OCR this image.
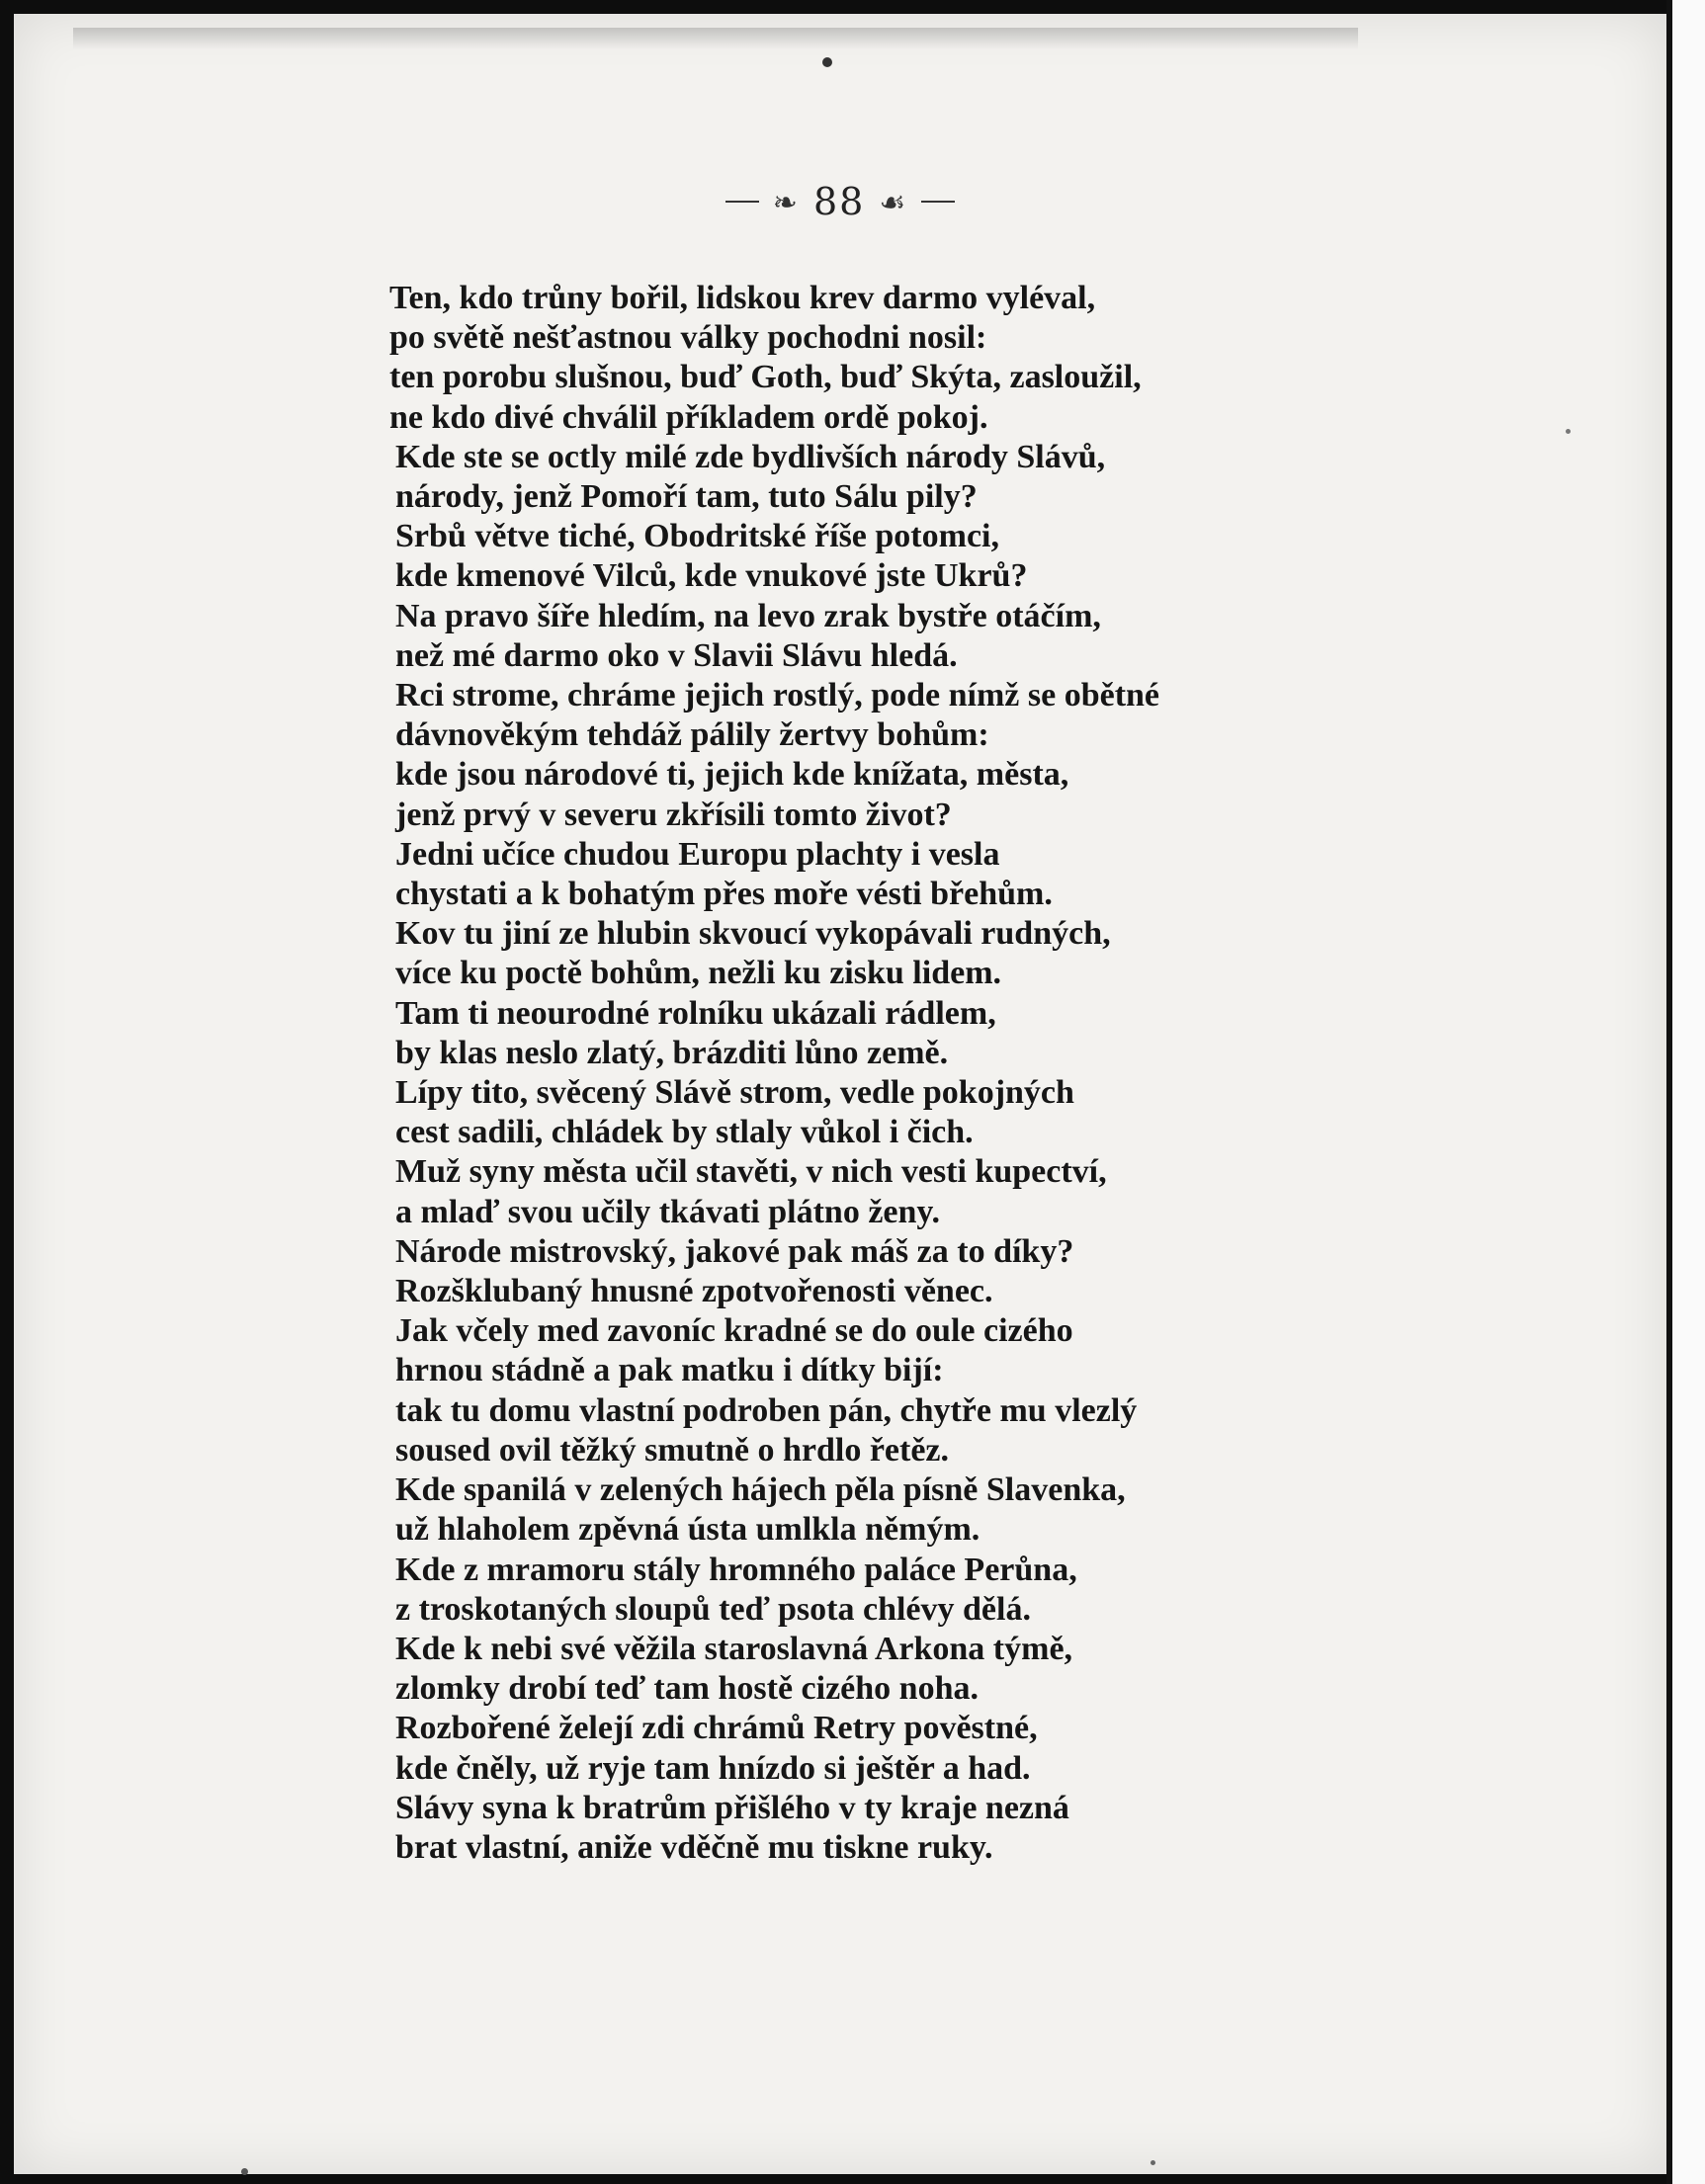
❧ 88 ☙
Ten, kdo trůny bořil, lidskou krev darmo vyléval,
po světě nešťastnou války pochodni nosil:
ten porobu slušnou, buď Goth, buď Skýta, zasloužil,
ne kdo divé chválil příkladem ordě pokoj.
Kde ste se octly milé zde bydlivších národy Slávů,
národy, jenž Pomoří tam, tuto Sálu pily?
Srbů větve tiché, Obodritské říše potomci,
kde kmenové Vilců, kde vnukové jste Ukrů?
Na pravo šíře hledím, na levo zrak bystře otáčím,
než mé darmo oko v Slavii Slávu hledá.
Rci strome, chráme jejich rostlý, pode nímž se obětné
dávnověkým tehdáž pálily žertvy bohům:
kde jsou národové ti, jejich kde knížata, města,
jenž prvý v severu zkřísili tomto život?
Jedni učíce chudou Europu plachty i vesla
chystati a k bohatým přes moře vésti břehům.
Kov tu jiní ze hlubin skvoucí vykopávali rudných,
více ku poctě bohům, nežli ku zisku lidem.
Tam ti neourodné rolníku ukázali rádlem,
by klas neslo zlatý, brázditi lůno země.
Lípy tito, svěcený Slávě strom, vedle pokojných
cest sadili, chládek by stlaly vůkol i čich.
Muž syny města učil stavěti, v nich vesti kupectví,
a mlaď svou učily tkávati plátno ženy.
Národe mistrovský, jakové pak máš za to díky?
Rozšklubaný hnusné zpotvořenosti věnec.
Jak včely med zavoníc kradné se do oule cizého
hrnou stádně a pak matku i dítky bijí:
tak tu domu vlastní podroben pán, chytře mu vlezlý
soused ovil těžký smutně o hrdlo řetěz.
Kde spanilá v zelených hájech pěla písně Slavenka,
už hlaholem zpěvná ústa umlkla němým.
Kde z mramoru stály hromného paláce Perůna,
z troskotaných sloupů teď psota chlévy dělá.
Kde k nebi své věžila staroslavná Arkona týmě,
zlomky drobí teď tam hostě cizého noha.
Rozbořené želejí zdi chrámů Retry pověstné,
kde čněly, už ryje tam hnízdo si ještěr a had.
Slávy syna k bratrům přišlého v ty kraje nezná
brat vlastní, aniže vděčně mu tiskne ruky.
